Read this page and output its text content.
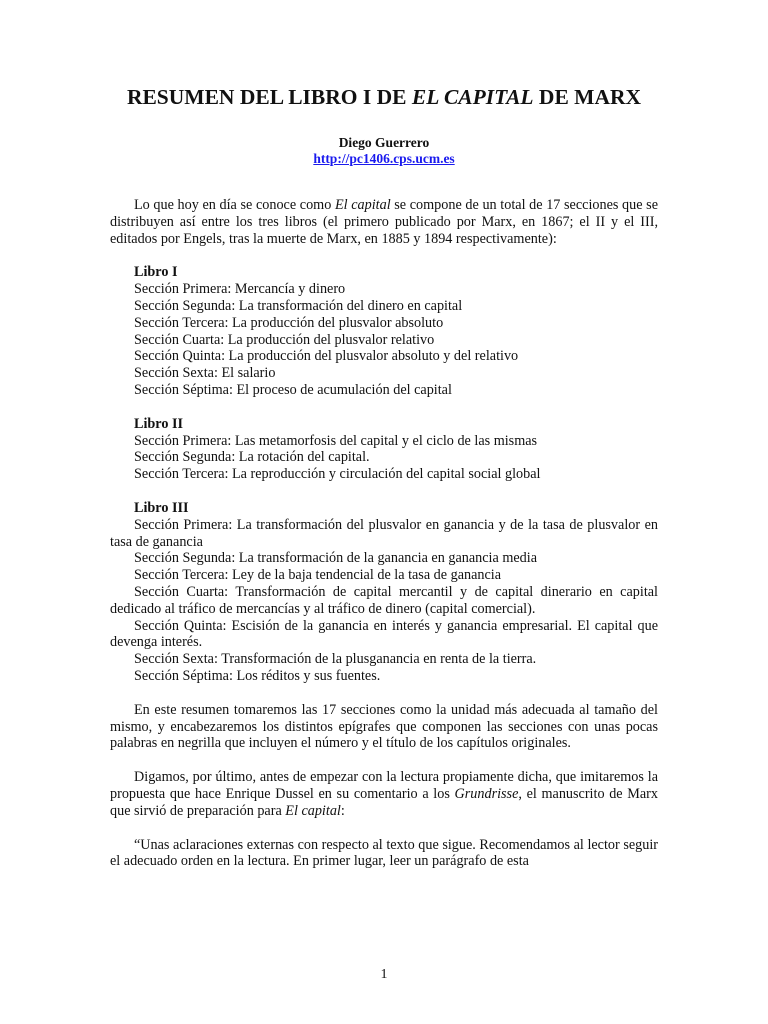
RESUMEN DEL LIBRO I DE EL CAPITAL DE MARX
Diego Guerrero
http://pc1406.cps.ucm.es

Lo que hoy en día se conoce como El capital se compone de un total de 17 secciones que se distribuyen así entre los tres libros (el primero publicado por Marx, en 1867; el II y el III, editados por Engels, tras la muerte de Marx, en 1885 y 1894 respectivamente):

Libro I

Sección Primera: Mercancía y dinero

Sección Segunda: La transformación del dinero en capital

Sección Tercera: La producción del plusvalor absoluto

Sección Cuarta: La producción del plusvalor relativo

Sección Quinta: La producción del plusvalor absoluto y del relativo

Sección Sexta: El salario

Sección Séptima: El proceso de acumulación del capital

Libro II

Sección Primera: Las metamorfosis del capital y el ciclo de las mismas

Sección Segunda: La rotación del capital.

Sección Tercera: La reproducción y circulación del capital social global

Libro III

Sección Primera: La transformación del plusvalor en ganancia y de la tasa de plusvalor en tasa de ganancia

Sección Segunda: La transformación de la ganancia en ganancia media

Sección Tercera: Ley de la baja tendencial de la tasa de ganancia

Sección Cuarta: Transformación de capital mercantil y de capital dinerario en capital dedicado al tráfico de mercancías y al tráfico de dinero (capital comercial).

Sección Quinta: Escisión de la ganancia en interés y ganancia empresarial. El capital que devenga interés.

Sección Sexta: Transformación de la plusganancia en renta de la tierra.

Sección Séptima: Los réditos y sus fuentes.

En este resumen tomaremos las 17 secciones como la unidad más adecuada al tamaño del mismo, y encabezaremos los distintos epígrafes que componen las secciones con unas pocas palabras en negrilla que incluyen el número y el título de los capítulos originales.

Digamos, por último, antes de empezar con la lectura propiamente dicha, que imitaremos la propuesta que hace Enrique Dussel en su comentario a los Grundrisse, el manuscrito de Marx que sirvió de preparación para El capital:

“Unas aclaraciones externas con respecto al texto que sigue. Recomendamos al lector seguir el adecuado orden en la lectura. En primer lugar, leer un parágrafo de esta

1
